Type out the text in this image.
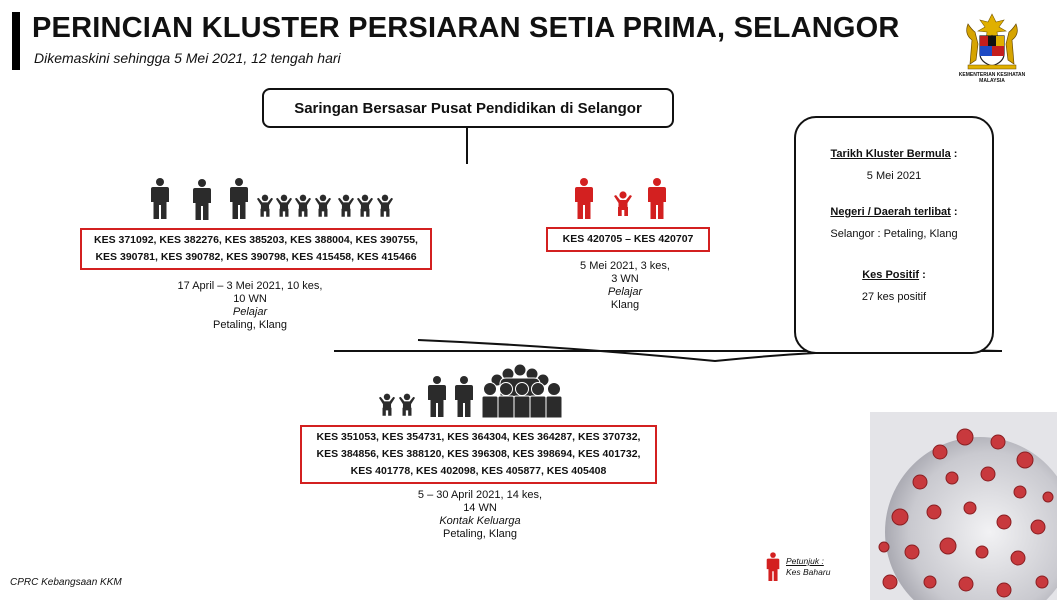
PERINCIAN KLUSTER PERSIARAN SETIA PRIMA, SELANGOR
Dikemaskini sehingga 5 Mei 2021, 12 tengah hari
KEMENTERIAN KESIHATAN
MALAYSIA
Saringan Bersasar Pusat Pendidikan di Selangor
KES 371092, KES 382276, KES 385203, KES 388004, KES 390755,
KES 390781, KES 390782, KES 390798, KES 415458, KES 415466
17 April – 3 Mei 2021, 10 kes,
10 WN
Pelajar
Petaling, Klang
KES 420705 – KES 420707
5 Mei 2021, 3 kes,
3 WN
Pelajar
Klang
Tarikh Kluster Bermula :
5 Mei 2021
Negeri / Daerah terlibat :
Selangor : Petaling, Klang
Kes Positif :
27 kes positif
KES 351053, KES 354731, KES 364304, KES 364287, KES 370732,
KES 384856, KES 388120, KES 396308, KES 398694, KES 401732,
KES 401778, KES 402098, KES 405877, KES 405408
5 – 30 April 2021, 14 kes,
14 WN
Kontak Keluarga
Petaling, Klang
Petunjuk :
Kes Baharu
CPRC Kebangsaan KKM
